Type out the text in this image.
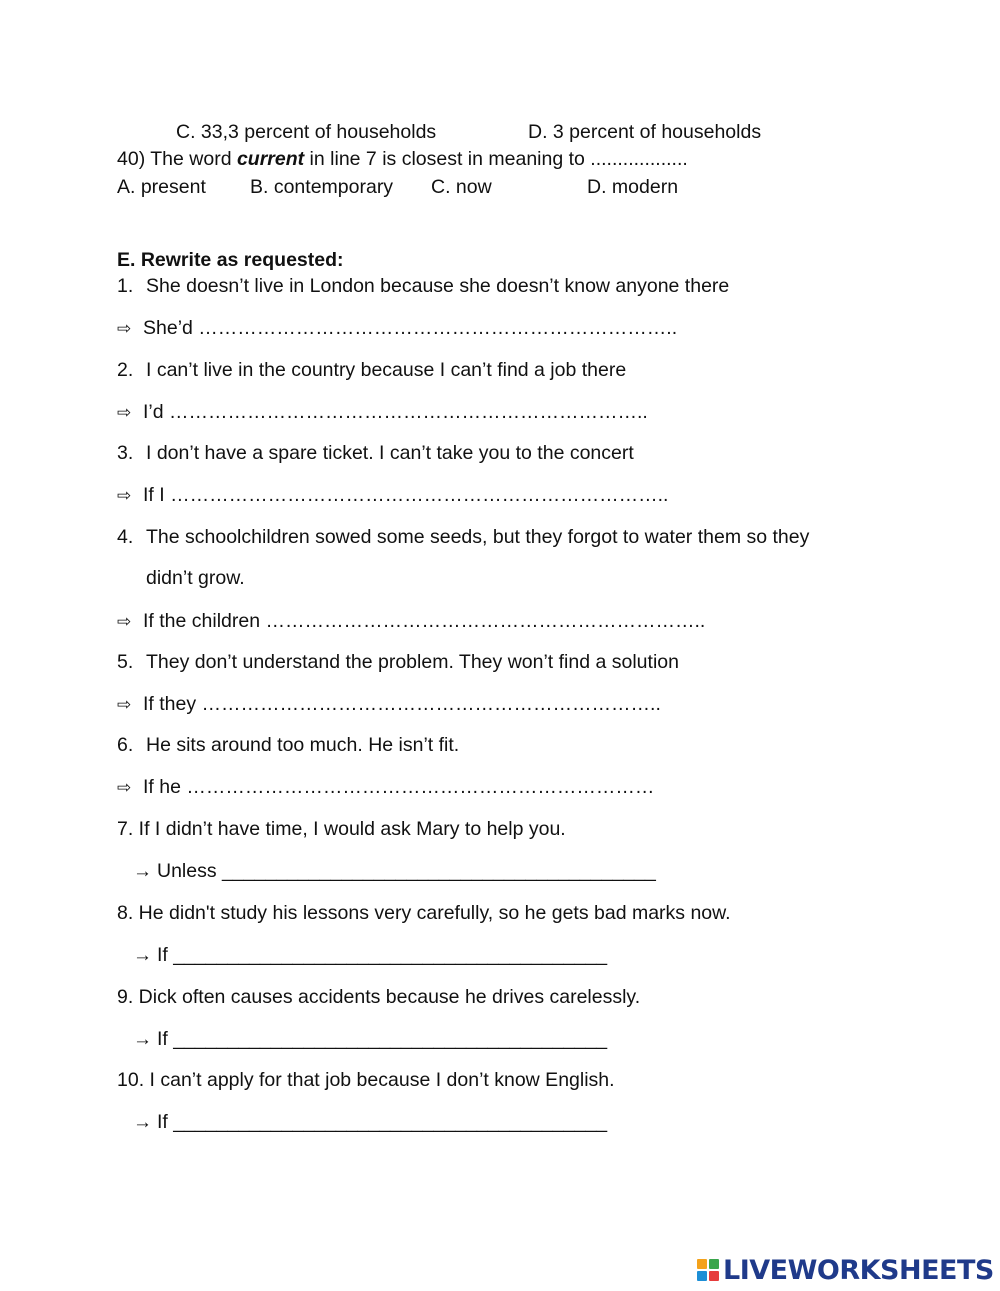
C. 33,3 percent of households	D. 3 percent of households
40) The word current in line 7 is closest in meaning to ..................
A. present B. contemporary C. now	D. modern
E. Rewrite as requested:
1. She doesn’t live in London because she doesn’t know anyone there
⇨ She’d ………………………………………………………………..
2. I can’t live in the country because I can’t find a job there
⇨ I’d ………………………………………………………………..
3. I don’t have a spare ticket. I can’t take you to the concert
⇨ If I …………………………………………………………………..
4. The schoolchildren sowed some seeds, but they forgot to water them so they
didn’t grow.
⇨ If the children …………………………………………………………..
5. They don’t understand the problem. They won’t find a solution
⇨ If they ……………………………………………………………..
6. He sits around too much. He isn’t fit.
⇨ If he ………………………………………………………………
7. If I didn’t have time, I would ask Mary to help you.
→ Unless ________________________________________
8. He didn't study his lessons very carefully, so he gets bad marks now.
→ If ________________________________________
9. Dick often causes accidents because he drives carelessly.
→ If ________________________________________
10. I can’t apply for that job because I don’t know English.
→ If ________________________________________
LIVEWORKSHEETS
